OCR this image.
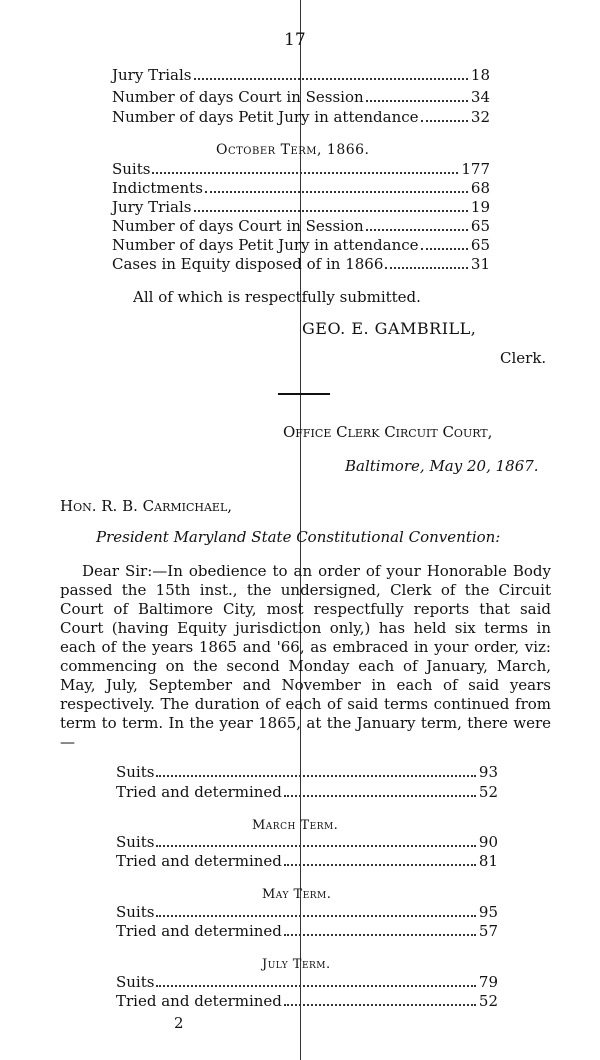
17
Jury Trials	18
Number of days Court in Session	34
Number of days Petit Jury in attendance	32
October Term, 1866.
Suits	177
Indictments	68
Jury Trials	19
Number of days Court in Session	65
Number of days Petit Jury in attendance	65
Cases in Equity disposed of in 1866	31
All of which is respectfully submitted.
GEO. E. GAMBRILL,
Clerk.
Office Clerk Circuit Court,
Baltimore, May 20, 1867.
Hon. R. B. Carmichael,
President Maryland State Constitutional Convention:
Dear Sir:—In obedience to an order of your Honorable Body passed the 15th inst., the undersigned, Clerk of the Circuit Court of Baltimore City, most respectfully reports that said Court (having Equity jurisdiction only,) has held six terms in each of the years 1865 and '66, as embraced in your order, viz: commencing on the second Monday each of January, March, May, July, September and November in each of said years respectively. The duration of each of said terms continued from term to term. In the year 1865, at the January term, there were—
Suits	93
Tried and determined	52
March Term.
Suits	90
Tried and determined	81
May Term.
Suits	95
Tried and determined	57
July Term.
Suits	79
Tried and determined	52
2
